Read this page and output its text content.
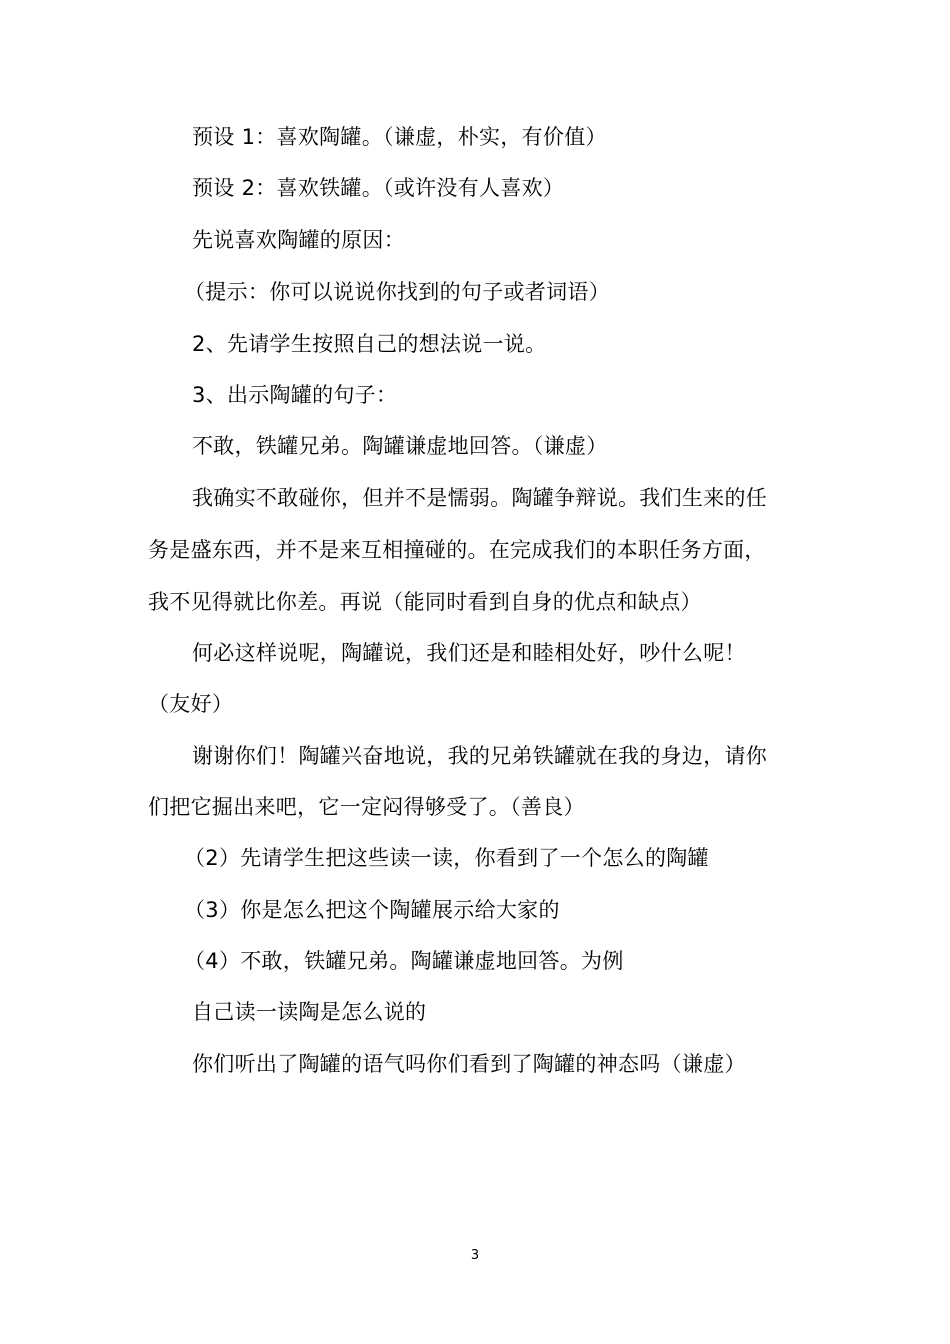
预设 1：喜欢陶罐。（谦虚，朴实，有价值）
预设 2：喜欢铁罐。（或许没有人喜欢）
先说喜欢陶罐的原因：
（提示：你可以说说你找到的句子或者词语）
2、先请学生按照自己的想法说一说。
3、出示陶罐的句子：
不敢，铁罐兄弟。陶罐谦虚地回答。（谦虚）
我确实不敢碰你，但并不是懦弱。陶罐争辩说。我们生来的任
务是盛东西，并不是来互相撞碰的。在完成我们的本职任务方面，
我不见得就比你差。再说（能同时看到自身的优点和缺点）
何必这样说呢，陶罐说，我们还是和睦相处好，吵什么呢！
（友好）
谢谢你们！陶罐兴奋地说，我的兄弟铁罐就在我的身边，请你
们把它掘出来吧，它一定闷得够受了。（善良）
（2）先请学生把这些读一读，你看到了一个怎么的陶罐
（3）你是怎么把这个陶罐展示给大家的
（4）不敢，铁罐兄弟。陶罐谦虚地回答。为例
自己读一读陶是怎么说的
你们听出了陶罐的语气吗你们看到了陶罐的神态吗（谦虚）
3
